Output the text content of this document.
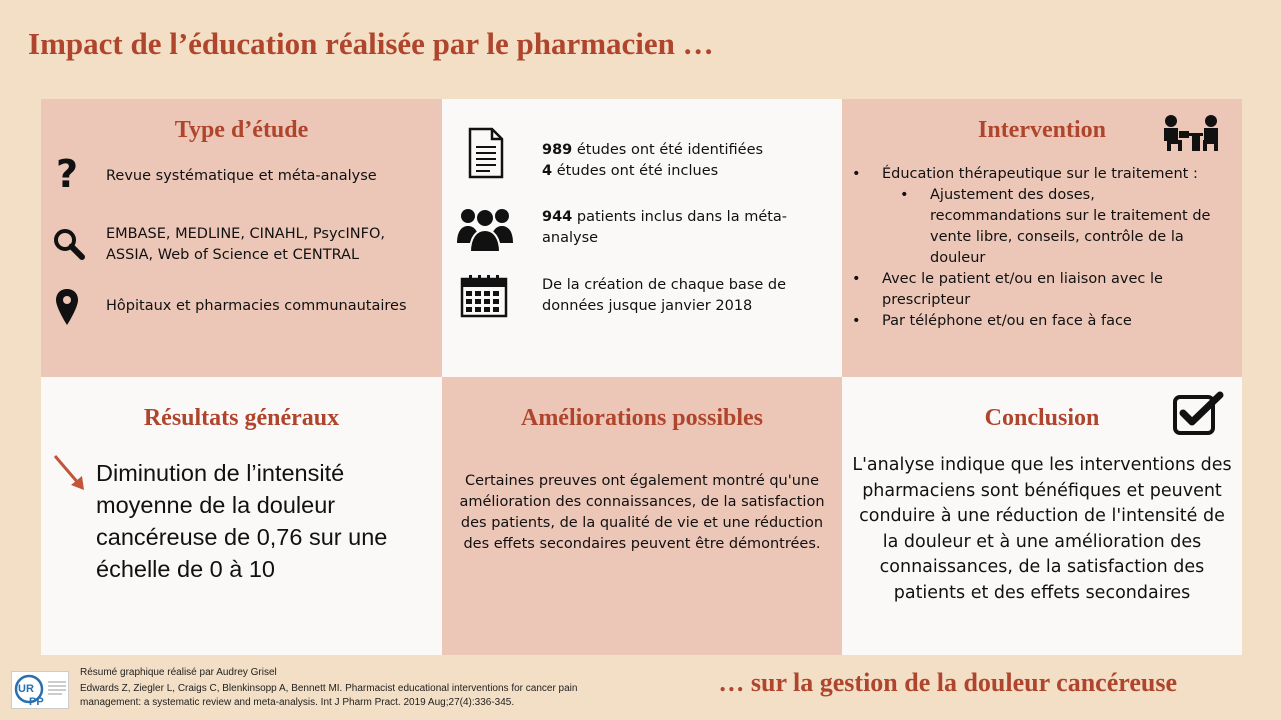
Impact de l’éducation réalisée par le pharmacien …
Type d’étude
? Revue systématique et méta-analyse
EMBASE, MEDLINE, CINAHL, PsycINFO, ASSIA, Web of Science et CENTRAL
Hôpitaux et pharmacies communautaires
989 études ont été identifiées
4 études ont été inclues
944 patients inclus dans la méta-analyse
De la création de chaque base de données jusque janvier 2018
Intervention
• Éducation thérapeutique sur le traitement :
• Ajustement des doses, recommandations sur le traitement de vente libre, conseils, contrôle de la douleur
• Avec le patient et/ou en liaison avec le prescripteur
• Par téléphone et/ou en face à face
Résultats généraux
Diminution de l’intensité moyenne de la douleur cancéreuse de 0,76 sur une échelle de 0 à 10
Améliorations possibles
Certaines preuves ont également montré qu'une amélioration des connaissances, de la satisfaction des patients, de la qualité de vie et une réduction des effets secondaires peuvent être démontrées.
Conclusion
L'analyse indique que les interventions des pharmaciens sont bénéfiques et peuvent conduire à une réduction de l'intensité de la douleur et à une amélioration des connaissances, de la satisfaction des patients et des effets secondaires
UR
PP
Résumé graphique réalisé par Audrey Grisel
Edwards Z, Ziegler L, Craigs C, Blenkinsopp A, Bennett MI. Pharmacist educational interventions for cancer pain management: a systematic review and meta-analysis. Int J Pharm Pract. 2019 Aug;27(4):336-345.
… sur la gestion de la douleur cancéreuse
